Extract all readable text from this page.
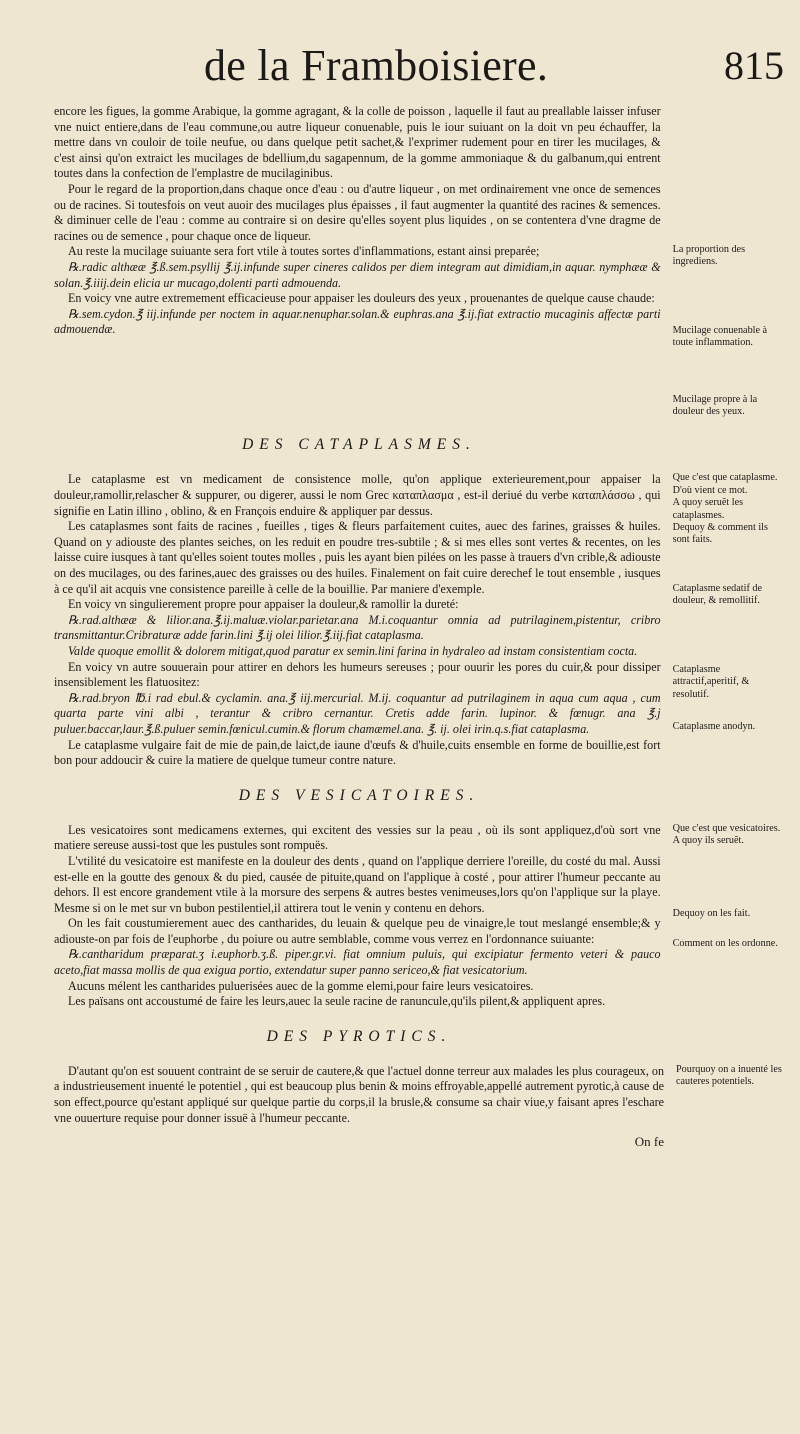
de la Framboisiere.	815

encore les figues, la gomme Arabique, la gomme agragant, & la colle de poisson , laquelle il faut au preallable laisser infuser vne nuict entiere,dans de l'eau commune,ou autre liqueur conuenable, puis le iour suiuant on la doit vn peu échauffer, la mettre dans vn couloir de toile neufue, ou dans quelque petit sachet,& l'exprimer rudement pour en tirer les mucilages, & c'est ainsi qu'on extraict les mucilages de bdellium,du sagapennum, de la gomme ammoniaque & du galbanum,qui entrent toutes dans la confection de l'emplastre de mucilaginibus.

Pour le regard de la proportion,dans chaque once d'eau : ou d'autre liqueur , on met ordinairement vne once de semences ou de racines. Si toutesfois on veut auoir des mucilages plus épaisses , il faut augmenter la quantité des racines & semences. & diminuer celle de l'eau : comme au contraire si on desire qu'elles soyent plus liquides , on se contentera d'vne dragme de racines ou de semence , pour chaque once de liqueur.

Au reste la mucilage suiuante sera fort vtile à toutes sortes d'inflammations, estant ainsi preparée;

℞.radic althææ ℥.ß.sem.psyllij ℥.ij.infunde super cineres calidos per diem integram aut dimidiam,in aquar. nymphææ & solan.℥.iiij.dein elicia ur mucago,dolenti parti admouenda.

En voicy vne autre extremement efficacieuse pour appaiser les douleurs des yeux , prouenantes de quelque cause chaude:

℞.sem.cydon.℥ iij.infunde per noctem in aquar.nenuphar.solan.& euphras.ana ℥.ij.fiat extractio mucaginis affectæ parti admouendæ.

La proportion des ingrediens.

Mucilage conuenable à toute inflammation.

Mucilage propre à la douleur des yeux.

DES CATAPLASMES.

Le cataplasme est vn medicament de consistence molle, qu'on applique exterieurement,pour appaiser la douleur,ramollir,relascher & suppurer, ou digerer, aussi le nom Grec καταπλασμα , est-il deriué du verbe καταπλάσσω , qui signifie en Latin illino , oblino, & en François enduire & appliquer par dessus.

Les cataplasmes sont faits de racines , fueilles , tiges & fleurs parfaitement cuites, auec des farines, graisses & huiles. Quand on y adiouste des plantes seiches, on les reduit en poudre tres-subtile ; & si mes elles sont vertes & recentes, on les laisse cuire iusques à tant qu'elles soient toutes molles , puis les ayant bien pilées on les passe à trauers d'vn crible,& adiouste on des mucilages, ou des farines,auec des graisses ou des huiles. Finalement on fait cuire derechef le tout ensemble , iusques à ce qu'il ait acquis vne consistence pareille à celle de la bouillie. Par maniere d'exemple.

En voicy vn singulierement propre pour appaiser la douleur,& ramollir la dureté:

℞.rad.althææ & lilior.ana.℥.ij.maluæ.violar.parietar.ana M.i.coquantur omnia ad putrilaginem,pistentur, cribro transmittantur.Cribraturæ adde farin.lini ℥.ij olei lilior.℥.iij.fiat cataplasma.

Valde quoque emollit & dolorem mitigat,quod paratur ex semin.lini farina in hydraleo ad instam consistentiam cocta.

En voicy vn autre souuerain pour attirer en dehors les humeurs sereuses ; pour ouurir les pores du cuir,& pour dissiper insensiblement les flatuositez:

℞.rad.bryon ℔.i rad ebul.& cyclamin. ana.℥ iij.mercurial. M.ij. coquantur ad putrilaginem in aqua cum aqua , cum quarta parte vini albi , terantur & cribro cernantur. Cretis adde farin. lupinor. & fœnugr. ana ℥.j puluer.baccar,laur.℥.ß.puluer semin.fœnicul.cumin.& florum chamæmel.ana. ℥. ij. olei irin.q.s.fiat cataplasma.

Le cataplasme vulgaire fait de mie de pain,de laict,de iaune d'œufs & d'huile,cuits ensemble en forme de bouillie,est fort bon pour addoucir & cuire la matiere de quelque tumeur contre nature.

Que c'est que cataplasme.

D'où vient ce mot.

A quoy seruẽt les cataplasmes.

Dequoy & comment ils sont faits.

Cataplasme sedatif de douleur, & remollitif.

Cataplasme attractif,aperitif, & resolutif.

Cataplasme anodyn.

DES VESICATOIRES.

Les vesicatoires sont medicamens externes, qui excitent des vessies sur la peau , où ils sont appliquez,d'où sort vne matiere sereuse aussi-tost que les pustules sont rompuës.

L'vtilité du vesicatoire est manifeste en la douleur des dents , quand on l'applique derriere l'oreille, du costé du mal. Aussi est-elle en la goutte des genoux & du pied, causée de pituite,quand on l'applique à costé , pour attirer l'humeur peccante au dehors. Il est encore grandement vtile à la morsure des serpens & autres bestes venimeuses,lors qu'on l'applique sur la playe. Mesme si on le met sur vn bubon pestilentiel,il attirera tout le venin y contenu en dehors.

On les fait coustumierement auec des cantharides, du leuain & quelque peu de vinaigre,le tout meslangé ensemble;& y adiouste-on par fois de l'euphorbe , du poiure ou autre semblable, comme vous verrez en l'ordonnance suiuante:

℞.cantharidum præparat.ʒ i.euphorb.ʒ.ß. piper.gr.vi. fiat omnium puluis, qui excipiatur fermento veteri & pauco aceto,fiat massa mollis de qua exigua portio, extendatur super panno sericeo,& fiat vesicatorium.

Aucuns mélent les cantharides puluerisées auec de la gomme elemi,pour faire leurs vesicatoires.

Les païsans ont accoustumé de faire les leurs,auec la seule racine de ranuncule,qu'ils pilent,& appliquent apres.

Que c'est que vesicatoires.

A quoy ils seruẽt.

Dequoy on les fait.

Comment on les ordonne.

DES PYROTICS.

D'autant qu'on est souuent contraint de se seruir de cautere,& que l'actuel donne terreur aux malades les plus courageux, on a industrieusement inuenté le potentiel , qui est beaucoup plus benin & moins effroyable,appellé autrement pyrotic,à cause de son effect,pource qu'estant appliqué sur quelque partie du corps,il la brusle,& consume sa chair viue,y faisant apres l'eschare vne ouuerture requise pour donner issuë à l'humeur peccante.

On fe

Pourquoy on a inuenté les cauteres potentiels.
